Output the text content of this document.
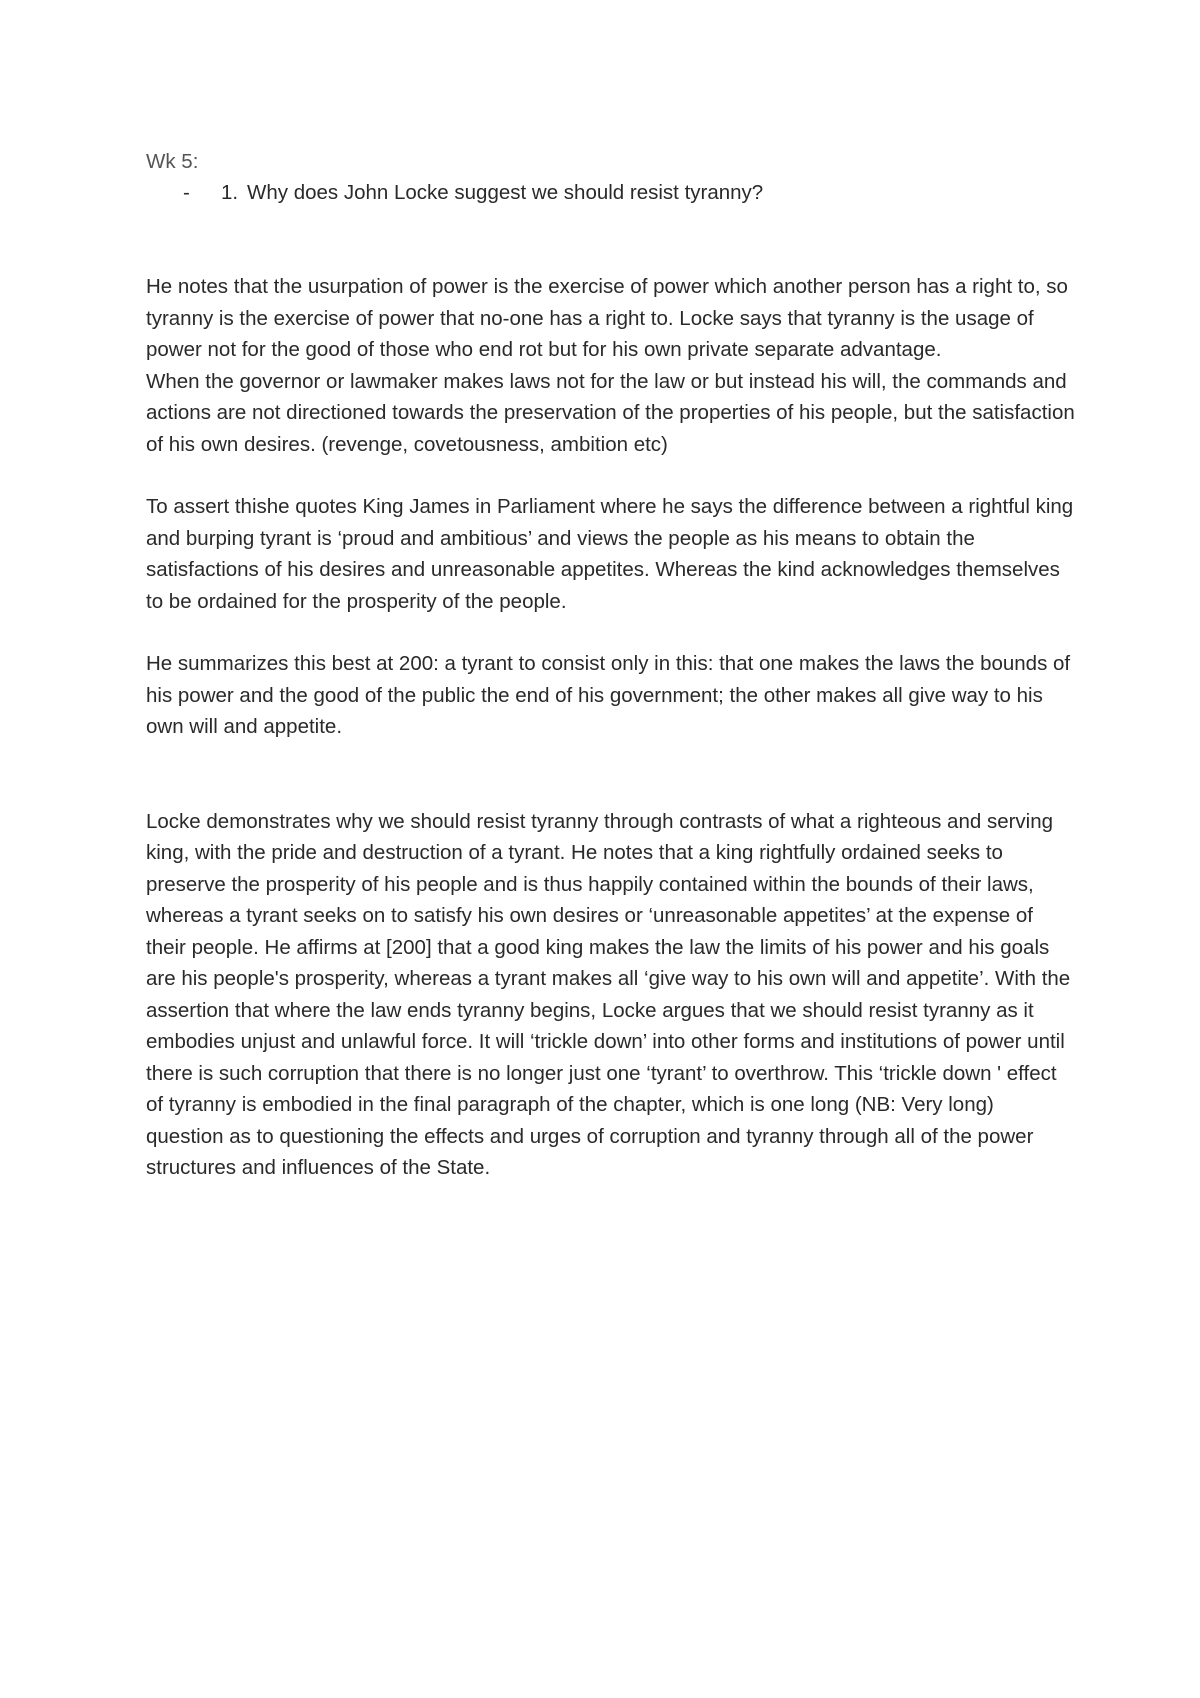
Wk 5:
-	1. Why does John Locke suggest we should resist tyranny?

He notes that the usurpation of power is the exercise of power which another person has a right to, so tyranny is the exercise of power that no-one has a right to. Locke says that tyranny is the usage of power not for the good of those who end rot but for his own private separate advantage.

When the governor or lawmaker makes laws not for the law or but instead his will, the commands and actions are not directioned towards the preservation of the properties of his people, but the satisfaction of his own desires. (revenge, covetousness, ambition etc)

To assert thishe quotes King James in Parliament where he says the difference between a rightful king and burping tyrant is ‘proud and ambitious’ and views the people as his means to obtain the satisfactions of his desires and unreasonable appetites. Whereas the kind acknowledges themselves to be ordained for the prosperity of the people.

He summarizes this best at 200: a tyrant to consist only in this: that one makes the laws the bounds of his power and the good of the public the end of his government; the other makes all give way to his own will and appetite.

Locke demonstrates why we should resist tyranny through contrasts of what a righteous and serving king, with the pride and destruction of a tyrant. He notes that a king rightfully ordained seeks to preserve the prosperity of his people and is thus happily contained within the bounds of their laws, whereas a tyrant seeks on to satisfy his own desires or ‘unreasonable appetites’ at the expense of their people. He affirms at [200] that a good king makes the law the limits of his power and his goals are his people's prosperity, whereas a tyrant makes all ‘give way to his own will and appetite’. With the assertion that where the law ends tyranny begins, Locke argues that we should resist tyranny as it embodies unjust and unlawful force. It will ‘trickle down’ into other forms and institutions of power until there is such corruption that there is no longer just one ‘tyrant’ to overthrow. This ‘trickle down ' effect of tyranny is embodied in the final paragraph of the chapter, which is one long (NB: Very long) question as to questioning the effects and urges of corruption and tyranny through all of the power structures and influences of the State.
